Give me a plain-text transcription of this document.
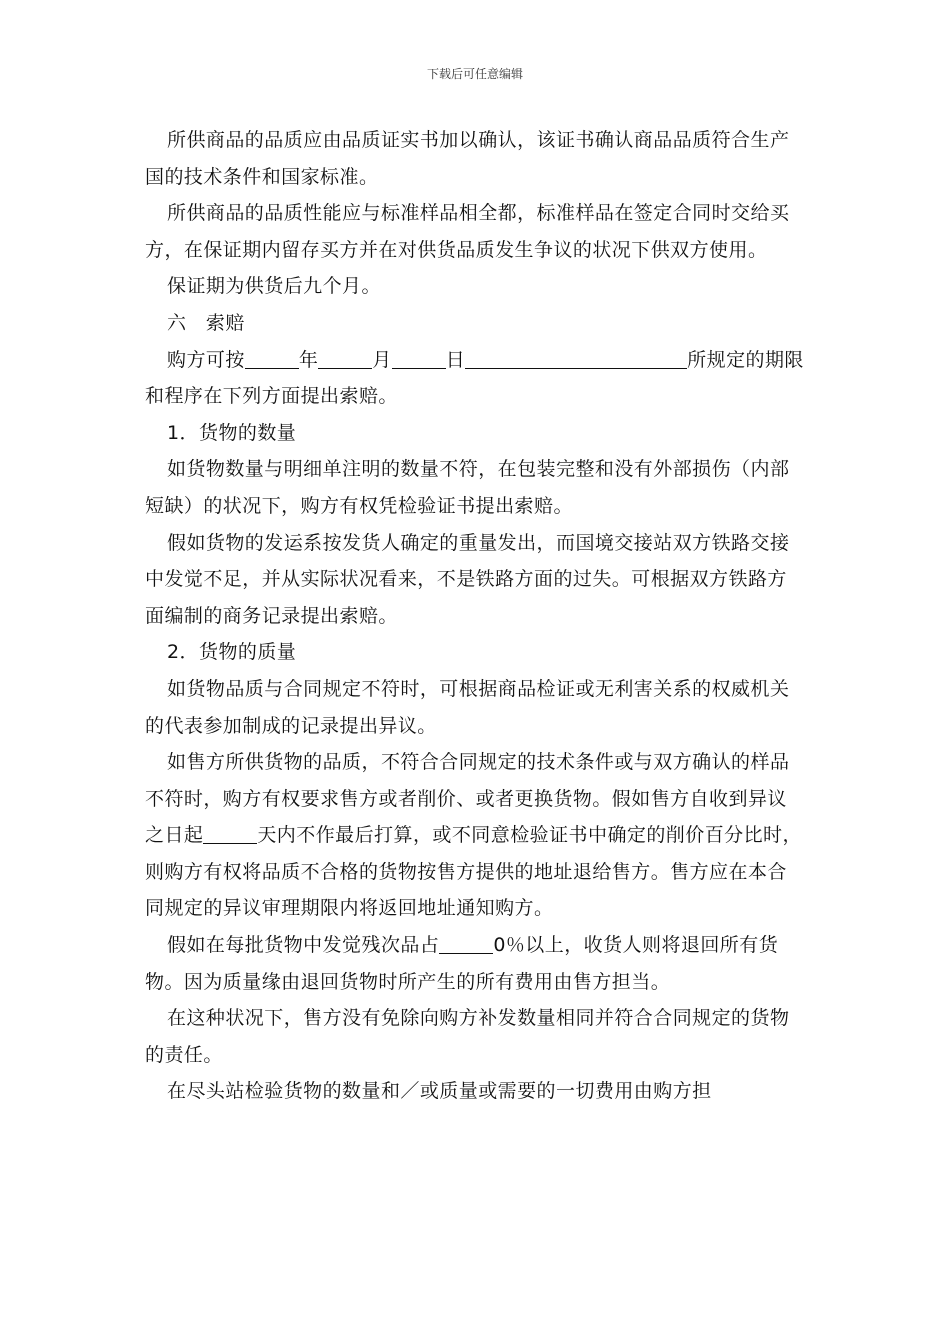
下载后可任意编辑

所供商品的品质应由品质证实书加以确认，该证书确认商品品质符合生产国的技术条件和国家标准。

所供商品的品质性能应与标准样品相全都，标准样品在签定合同时交给买方，在保证期内留存买方并在对供货品质发生争议的状况下供双方使用。

保证期为供货后九个月。

六　索赔

购方可按	年	月	日	所规定的期限和程序在下列方面提出索赔。

1．货物的数量

如货物数量与明细单注明的数量不符，在包装完整和没有外部损伤（内部短缺）的状况下，购方有权凭检验证书提出索赔。

假如货物的发运系按发货人确定的重量发出，而国境交接站双方铁路交接中发觉不足，并从实际状况看来，不是铁路方面的过失。可根据双方铁路方面编制的商务记录提出索赔。

2．货物的质量

如货物品质与合同规定不符时，可根据商品检证或无利害关系的权威机关的代表参加制成的记录提出异议。

如售方所供货物的品质，不符合合同规定的技术条件或与双方确认的样品不符时，购方有权要求售方或者削价、或者更换货物。假如售方自收到异议之日起	天内不作最后打算，或不同意检验证书中确定的削价百分比时，则购方有权将品质不合格的货物按售方提供的地址退给售方。售方应在本合同规定的异议审理期限内将返回地址通知购方。

假如在每批货物中发觉残次品占	0％以上，收货人则将退回所有货物。因为质量缘由退回货物时所产生的所有费用由售方担当。

在这种状况下，售方没有免除向购方补发数量相同并符合合同规定的货物的责任。

在尽头站检验货物的数量和／或质量或需要的一切费用由购方担
